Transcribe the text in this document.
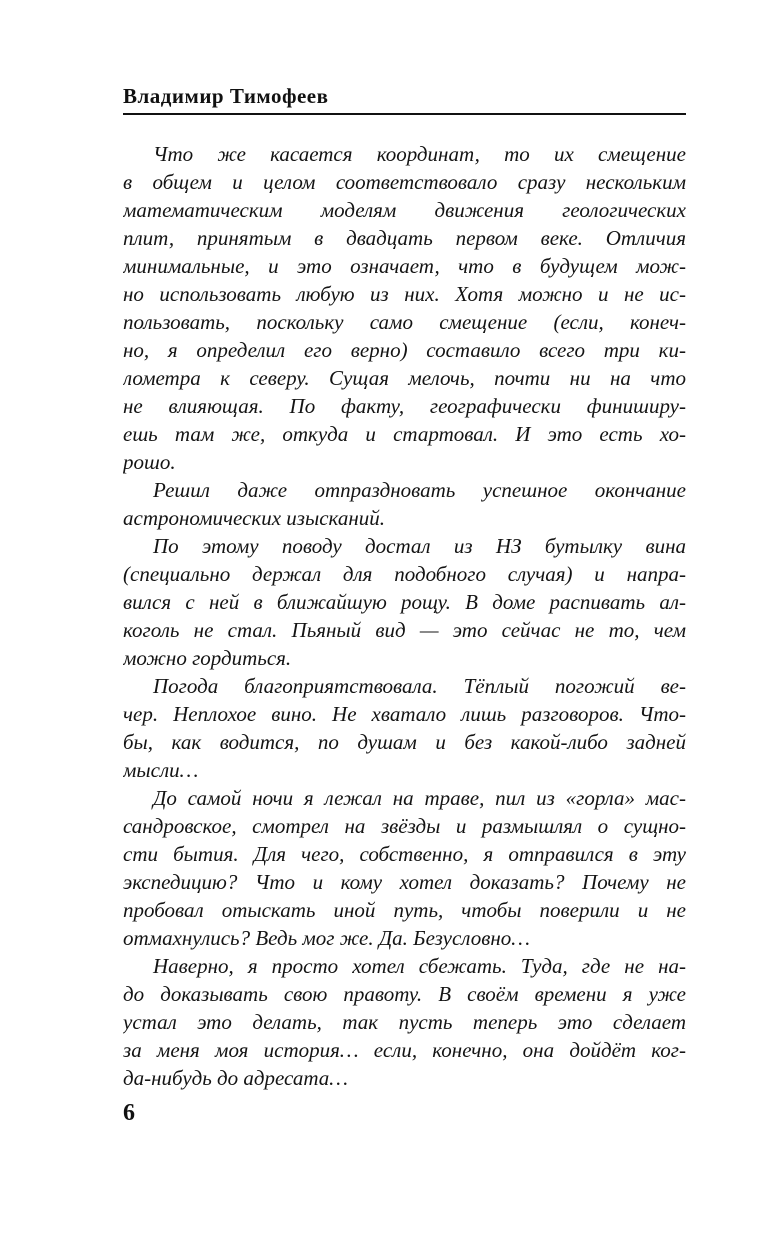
Владимир Тимофеев
Что же касается координат, то их смещение
в общем и целом соответствовало сразу нескольким
математическим моделям движения геологических
плит, принятым в двадцать первом веке. Отличия
минимальные, и это означает, что в будущем мож-
но использовать любую из них. Хотя можно и не ис-
пользовать, поскольку само смещение (если, конеч-
но, я определил его верно) составило всего три ки-
лометра к северу. Сущая мелочь, почти ни на что
не влияющая. По факту, географически финиширу-
ешь там же, откуда и стартовал. И это есть хо-
рошо.
Решил даже отпраздновать успешное окончание
астрономических изысканий.
По этому поводу достал из НЗ бутылку вина
(специально держал для подобного случая) и напра-
вился с ней в ближайшую рощу. В доме распивать ал-
коголь не стал. Пьяный вид — это сейчас не то, чем
можно гордиться.
Погода благоприятствовала. Тёплый погожий ве-
чер. Неплохое вино. Не хватало лишь разговоров. Что-
бы, как водится, по душам и без какой-либо задней
мысли…
До самой ночи я лежал на траве, пил из «горла» мас-
сандровское, смотрел на звёзды и размышлял о сущно-
сти бытия. Для чего, собственно, я отправился в эту
экспедицию? Что и кому хотел доказать? Почему не
пробовал отыскать иной путь, чтобы поверили и не
отмахнулись? Ведь мог же. Да. Безусловно…
Наверно, я просто хотел сбежать. Туда, где не на-
до доказывать свою правоту. В своём времени я уже
устал это делать, так пусть теперь это сделает
за меня моя история… если, конечно, она дойдёт ког-
да-нибудь до адресата…
6
